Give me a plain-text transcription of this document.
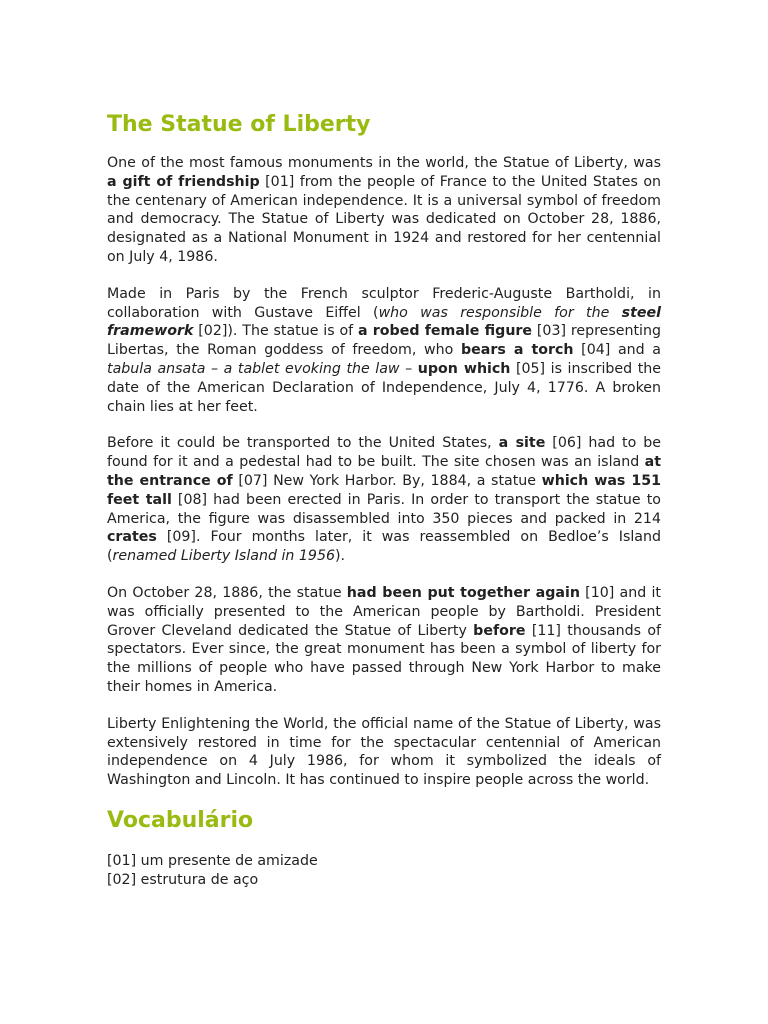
The Statue of Liberty

One of the most famous monuments in the world, the Statue of Liberty, was a gift of friendship [01] from the people of France to the United States on the centenary of American independence. It is a universal symbol of freedom and democracy. The Statue of Liberty was dedicated on October 28, 1886, designated as a National Monument in 1924 and restored for her centennial on July 4, 1986.

Made in Paris by the French sculptor Frederic-Auguste Bartholdi, in collaboration with Gustave Eiffel (who was responsible for the steel framework [02]). The statue is of a robed female figure [03] representing Libertas, the Roman goddess of freedom, who bears a torch [04] and a tabula ansata – a tablet evoking the law – upon which [05] is inscribed the date of the American Declaration of Independence, July 4, 1776. A broken chain lies at her feet.

Before it could be transported to the United States, a site [06] had to be found for it and a pedestal had to be built. The site chosen was an island at the entrance of [07] New York Harbor. By, 1884, a statue which was 151 feet tall [08] had been erected in Paris. In order to transport the statue to America, the figure was disassembled into 350 pieces and packed in 214 crates [09]. Four months later, it was reassembled on Bedloe’s Island (renamed Liberty Island in 1956).

On October 28, 1886, the statue had been put together again [10] and it was officially presented to the American people by Bartholdi. President Grover Cleveland dedicated the Statue of Liberty before [11] thousands of spectators. Ever since, the great monument has been a symbol of liberty for the millions of people who have passed through New York Harbor to make their homes in America.

Liberty Enlightening the World, the official name of the Statue of Liberty, was extensively restored in time for the spectacular centennial of American independence on 4 July 1986, for whom it symbolized the ideals of Washington and Lincoln. It has continued to inspire people across the world.

Vocabulário
[01] um presente de amizade
[02] estrutura de aço
